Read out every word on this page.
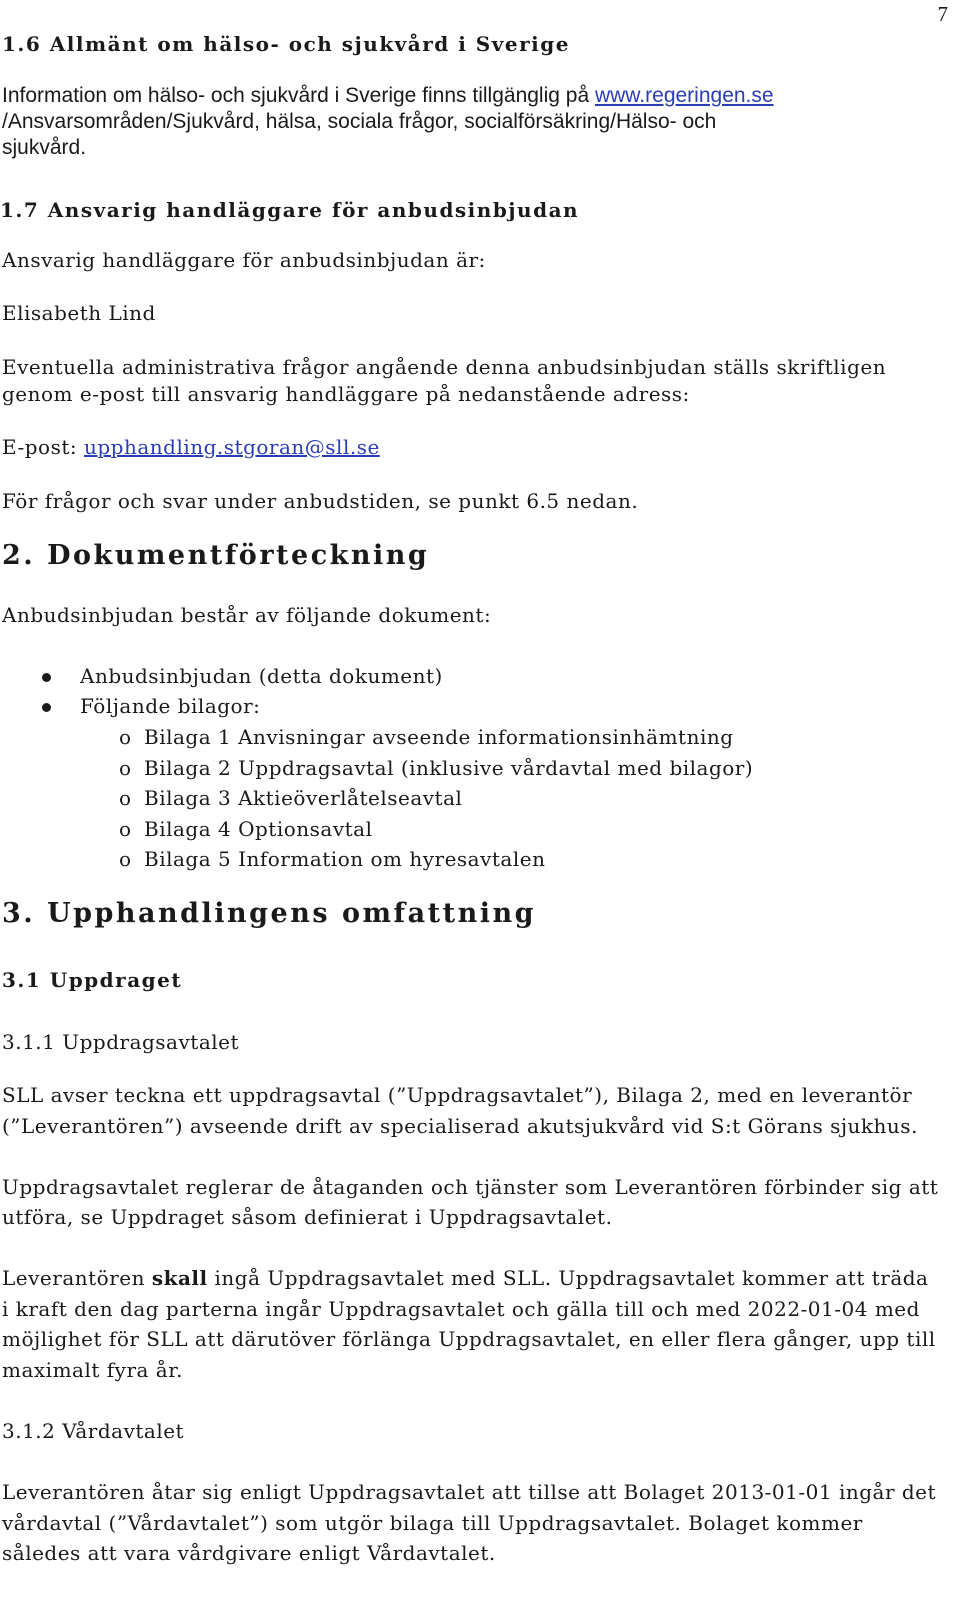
7
1.6 Allmänt om hälso- och sjukvård i Sverige
Information om hälso- och sjukvård i Sverige finns tillgänglig på www.regeringen.se
/Ansvarsområden/Sjukvård, hälsa, sociala frågor, socialförsäkring/Hälso- och
sjukvård.
1.7 Ansvarig handläggare för anbudsinbjudan
Ansvarig handläggare för anbudsinbjudan är:
Elisabeth Lind
Eventuella administrativa frågor angående denna anbudsinbjudan ställs skriftligen
genom e-post till ansvarig handläggare på nedanstående adress:
E-post: upphandling.stgoran@sll.se
För frågor och svar under anbudstiden, se punkt 6.5 nedan.
2. Dokumentförteckning
Anbudsinbjudan består av följande dokument:
Anbudsinbjudan (detta dokument)
Följande bilagor:
o Bilaga 1 Anvisningar avseende informationsinhämtning
o Bilaga 2 Uppdragsavtal (inklusive vårdavtal med bilagor)
o Bilaga 3 Aktieöverlåtelseavtal
o Bilaga 4 Optionsavtal
o Bilaga 5 Information om hyresavtalen
3. Upphandlingens omfattning
3.1 Uppdraget
3.1.1 Uppdragsavtalet
SLL avser teckna ett uppdragsavtal (”Uppdragsavtalet”), Bilaga 2, med en leverantör
(”Leverantören”) avseende drift av specialiserad akutsjukvård vid S:t Görans sjukhus.
Uppdragsavtalet reglerar de åtaganden och tjänster som Leverantören förbinder sig att
utföra, se Uppdraget såsom definierat i Uppdragsavtalet.
Leverantören skall ingå Uppdragsavtalet med SLL. Uppdragsavtalet kommer att träda
i kraft den dag parterna ingår Uppdragsavtalet och gälla till och med 2022-01-04 med
möjlighet för SLL att därutöver förlänga Uppdragsavtalet, en eller flera gånger, upp till
maximalt fyra år.
3.1.2 Vårdavtalet
Leverantören åtar sig enligt Uppdragsavtalet att tillse att Bolaget 2013-01-01 ingår det
vårdavtal (”Vårdavtalet”) som utgör bilaga till Uppdragsavtalet. Bolaget kommer
således att vara vårdgivare enligt Vårdavtalet.
